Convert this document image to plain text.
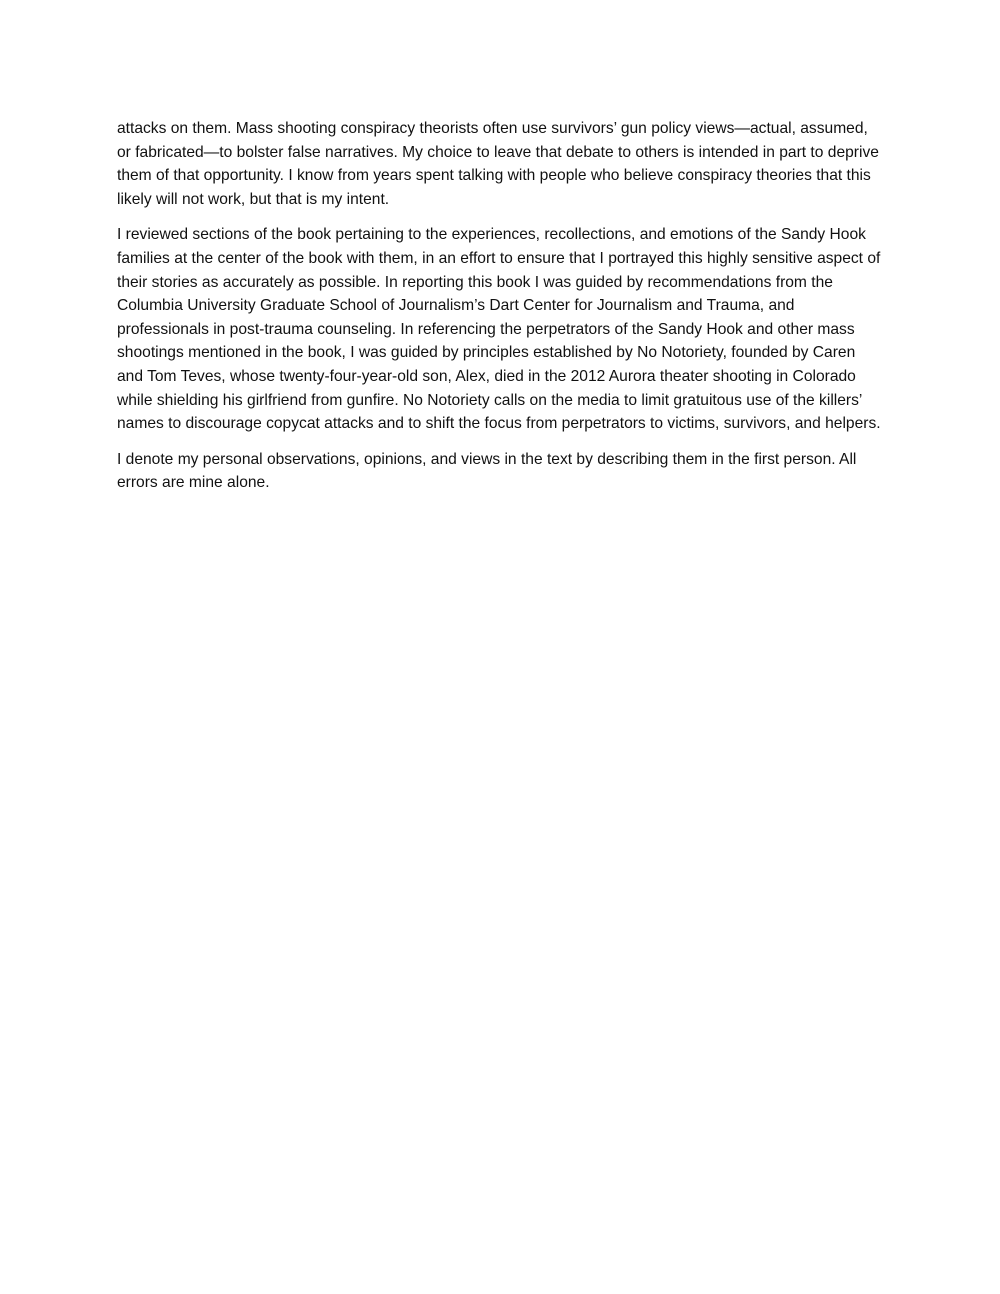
attacks on them. Mass shooting conspiracy theorists often use survivors’ gun policy views—actual, assumed, or fabricated—to bolster false narratives. My choice to leave that debate to others is intended in part to deprive them of that opportunity. I know from years spent talking with people who believe conspiracy theories that this likely will not work, but that is my intent.

I reviewed sections of the book pertaining to the experiences, recollections, and emotions of the Sandy Hook families at the center of the book with them, in an effort to ensure that I portrayed this highly sensitive aspect of their stories as accurately as possible. In reporting this book I was guided by recommendations from the Columbia University Graduate School of Journalism’s Dart Center for Journalism and Trauma, and professionals in post-trauma counseling. In referencing the perpetrators of the Sandy Hook and other mass shootings mentioned in the book, I was guided by principles established by No Notoriety, founded by Caren and Tom Teves, whose twenty-four-year-old son, Alex, died in the 2012 Aurora theater shooting in Colorado while shielding his girlfriend from gunfire. No Notoriety calls on the media to limit gratuitous use of the killers’ names to discourage copycat attacks and to shift the focus from perpetrators to victims, survivors, and helpers.

I denote my personal observations, opinions, and views in the text by describing them in the first person. All errors are mine alone.
